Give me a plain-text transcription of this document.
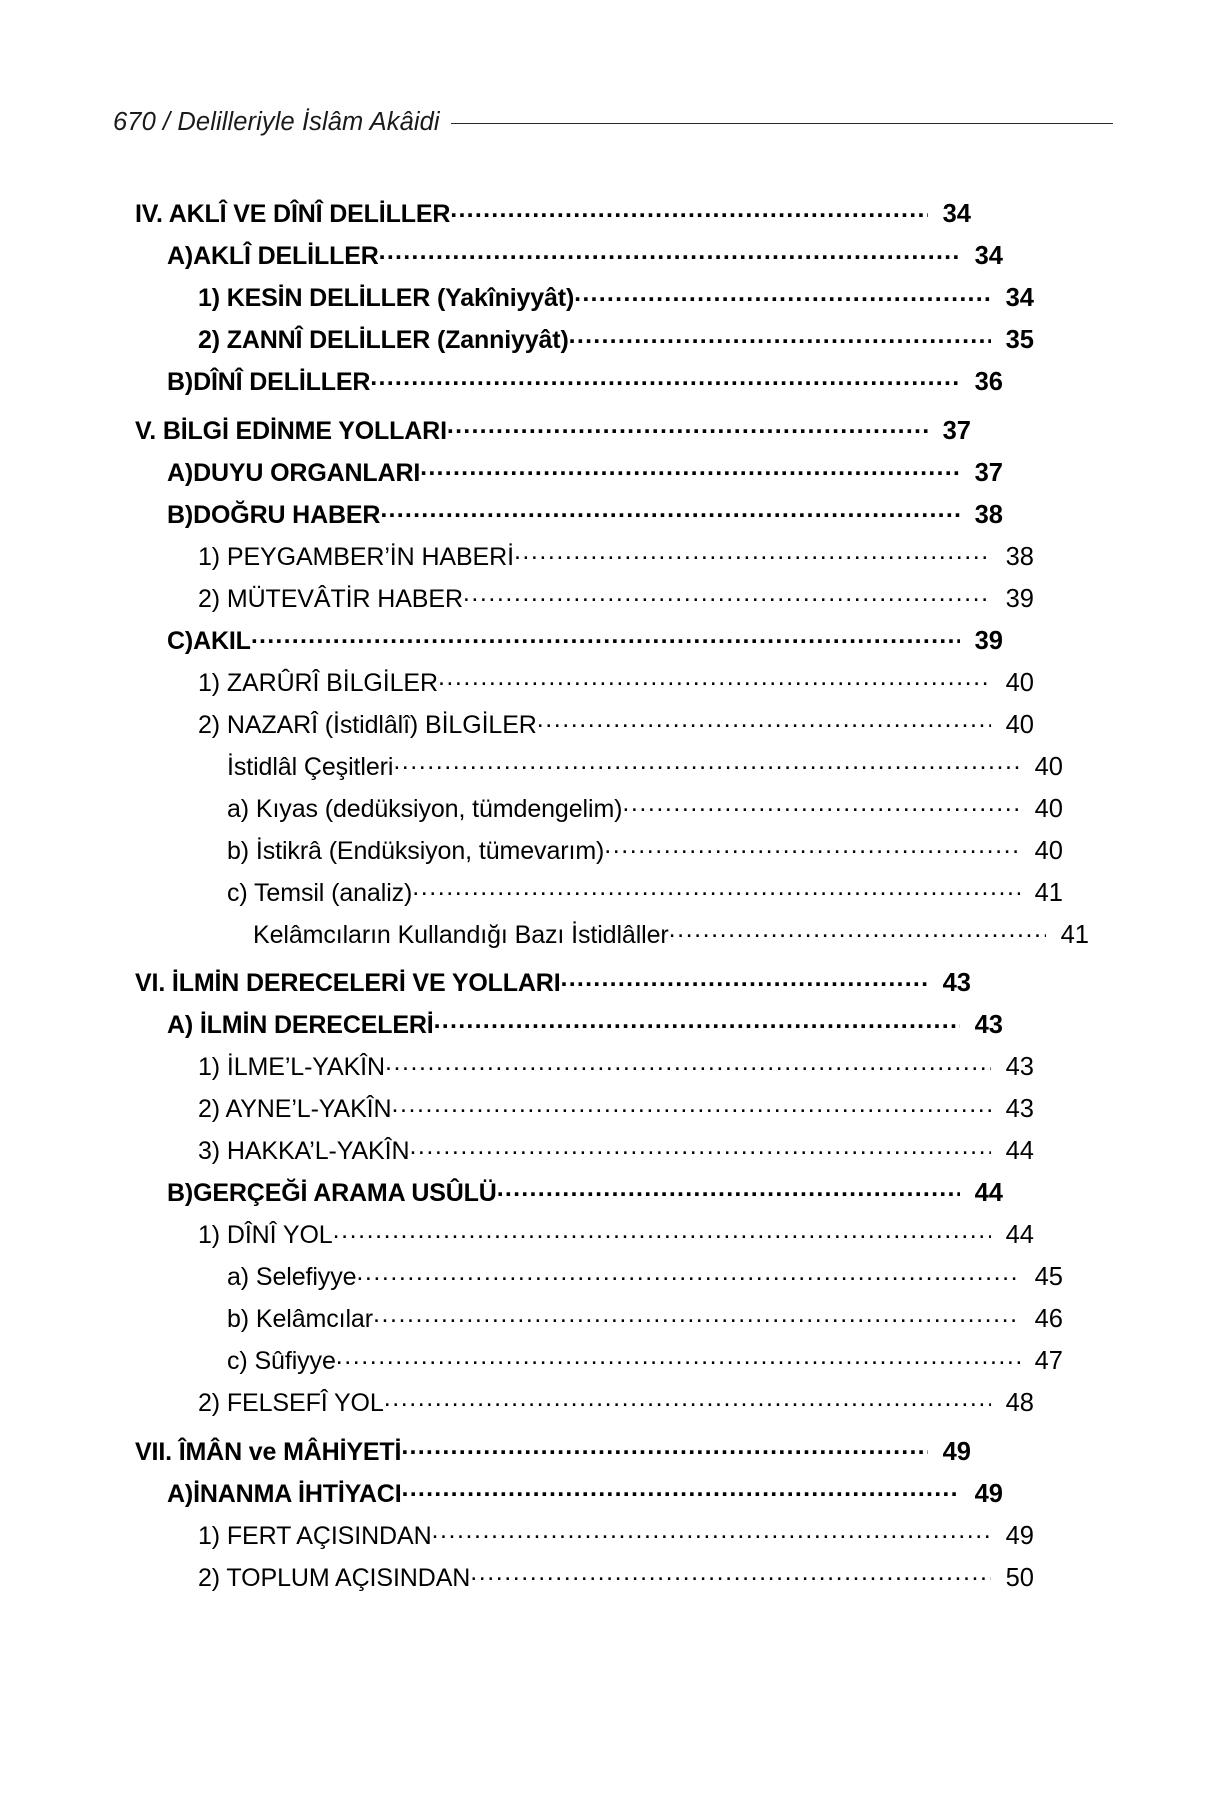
670 / Delilleriyle İslâm Akâidi
IV. AKLÎ VE DÎNÎ DELİLLER .....	34
A)AKLÎ DELİLLER .....	34
1) KESİN DELİLLER (Yakîniyyât) .....	34
2) ZANNÎ DELİLLER (Zanniyyât) .....	35
B)DÎNÎ DELİLLER .....	36
V. BİLGİ EDİNME YOLLARI .....	37
A)DUYU ORGANLARI .....	37
B)DOĞRU HABER .....	38
1) PEYGAMBER’İN HABERİ .....	38
2) MÜTEVÂTİR HABER .....	39
C)AKIL .....	39
1) ZARÛRÎ BİLGİLER .....	40
2) NAZARÎ (İstidlâlî) BİLGİLER .....	40
İstidlâl Çeşitleri .....	40
a) Kıyas (dedüksiyon, tümdengelim) .....	40
b) İstikrâ (Endüksiyon, tümevarım) .....	40
c) Temsil (analiz) .....	41
Kelâmcıların Kullandığı Bazı İstidlâller .....	41
VI. İLMİN DERECELERİ VE YOLLARI .....	43
A) İLMİN DERECELERİ .....	43
1) İLME’L-YAKÎN .....	43
2) AYNE’L-YAKÎN .....	43
3) HAKKA’L-YAKÎN .....	44
B)GERÇEĞİ ARAMA USÛLÜ .....	44
1) DÎNÎ YOL .....	44
a) Selefiyye .....	45
b) Kelâmcılar .....	46
c) Sûfiyye .....	47
2) FELSEFÎ YOL .....	48
VII. ÎMÂN ve MÂHİYETİ .....	49
A)İNANMA İHTİYACI .....	49
1) FERT AÇISINDAN .....	49
2) TOPLUM AÇISINDAN .....	50
